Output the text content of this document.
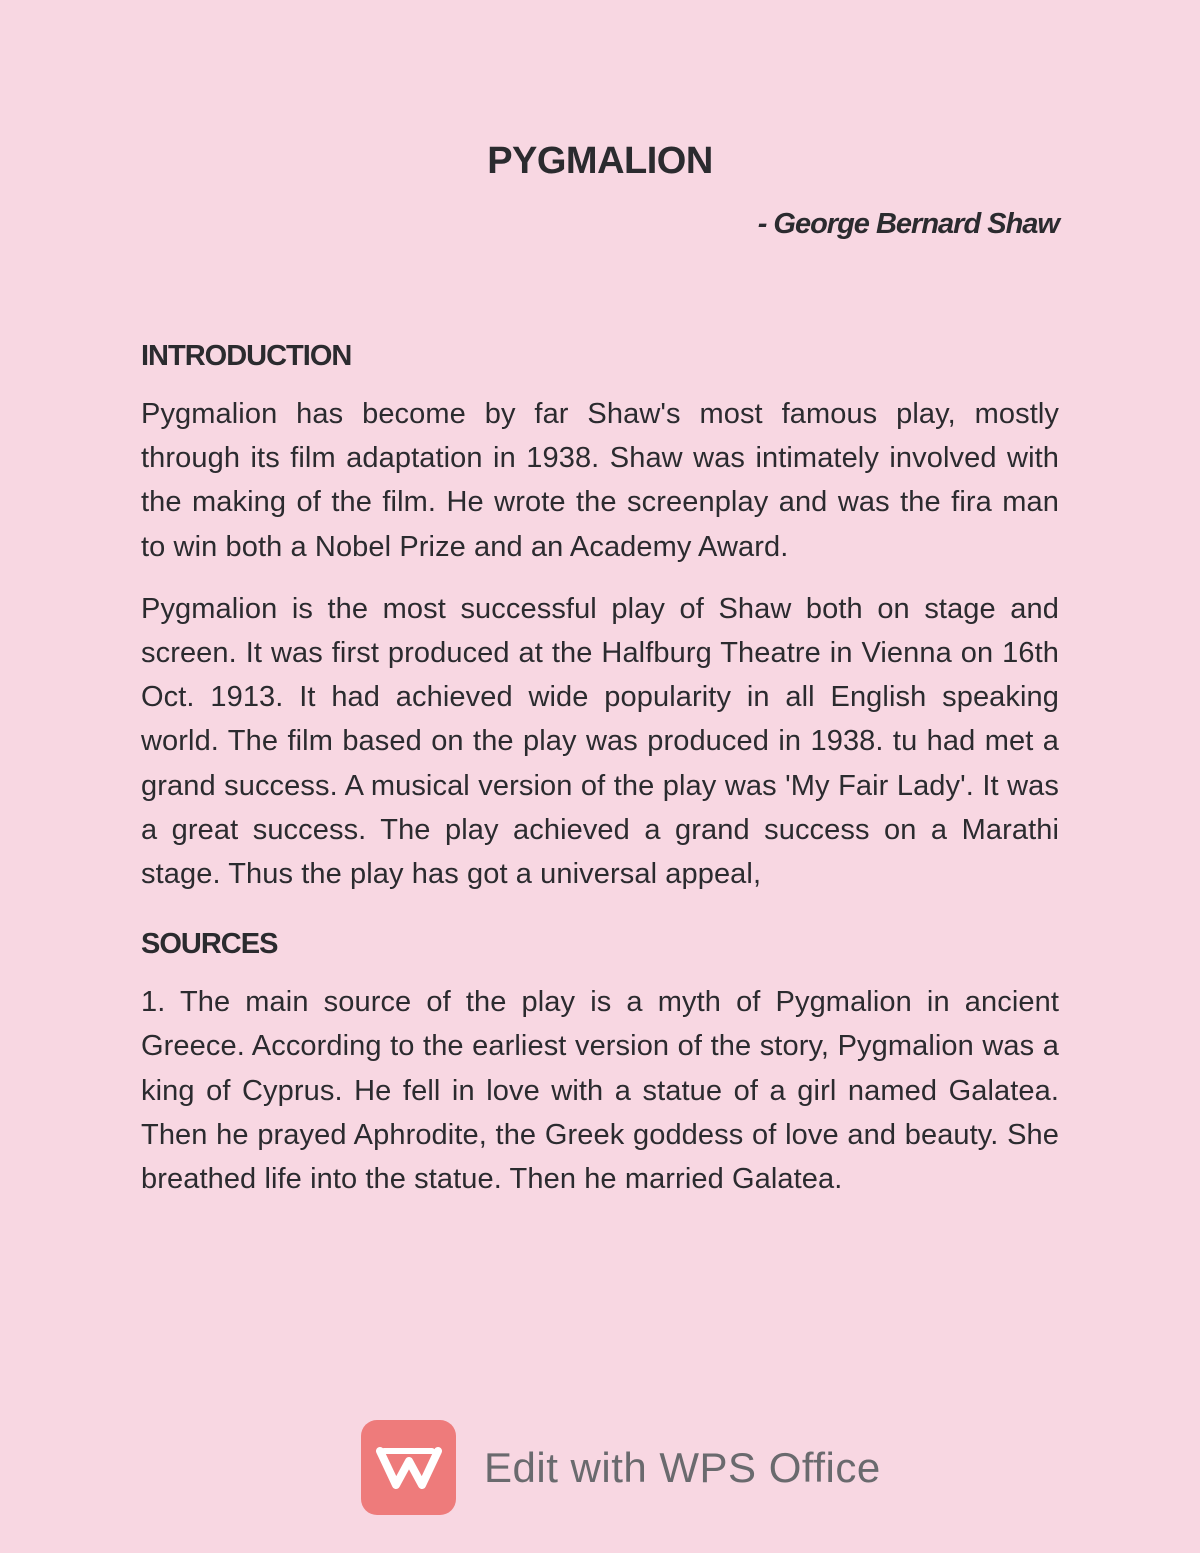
PYGMALION

- George Bernard Shaw

INTRODUCTION

Pygmalion has become by far Shaw's most famous play, mostly through its film adaptation in 1938. Shaw was intimately involved with the making of the film. He wrote the screenplay and was the fira man to win both a Nobel Prize and an Academy Award.

Pygmalion is the most successful play of Shaw both on stage and screen. It was first produced at the Halfburg Theatre in Vienna on 16th Oct. 1913. It had achieved wide popularity in all English speaking world. The film based on the play was produced in 1938. tu had met a grand success. A musical version of the play was 'My Fair Lady'. It was a great success. The play achieved a grand success on a Marathi stage. Thus the play has got a universal appeal,

SOURCES

1. The main source of the play is a myth of Pygmalion in ancient Greece. According to the earliest version of the story, Pygmalion was a king of Cyprus. He fell in love with a statue of a girl named Galatea. Then he prayed Aphrodite, the Greek goddess of love and beauty. She breathed life into the statue. Then he married Galatea.

Edit with WPS Office
